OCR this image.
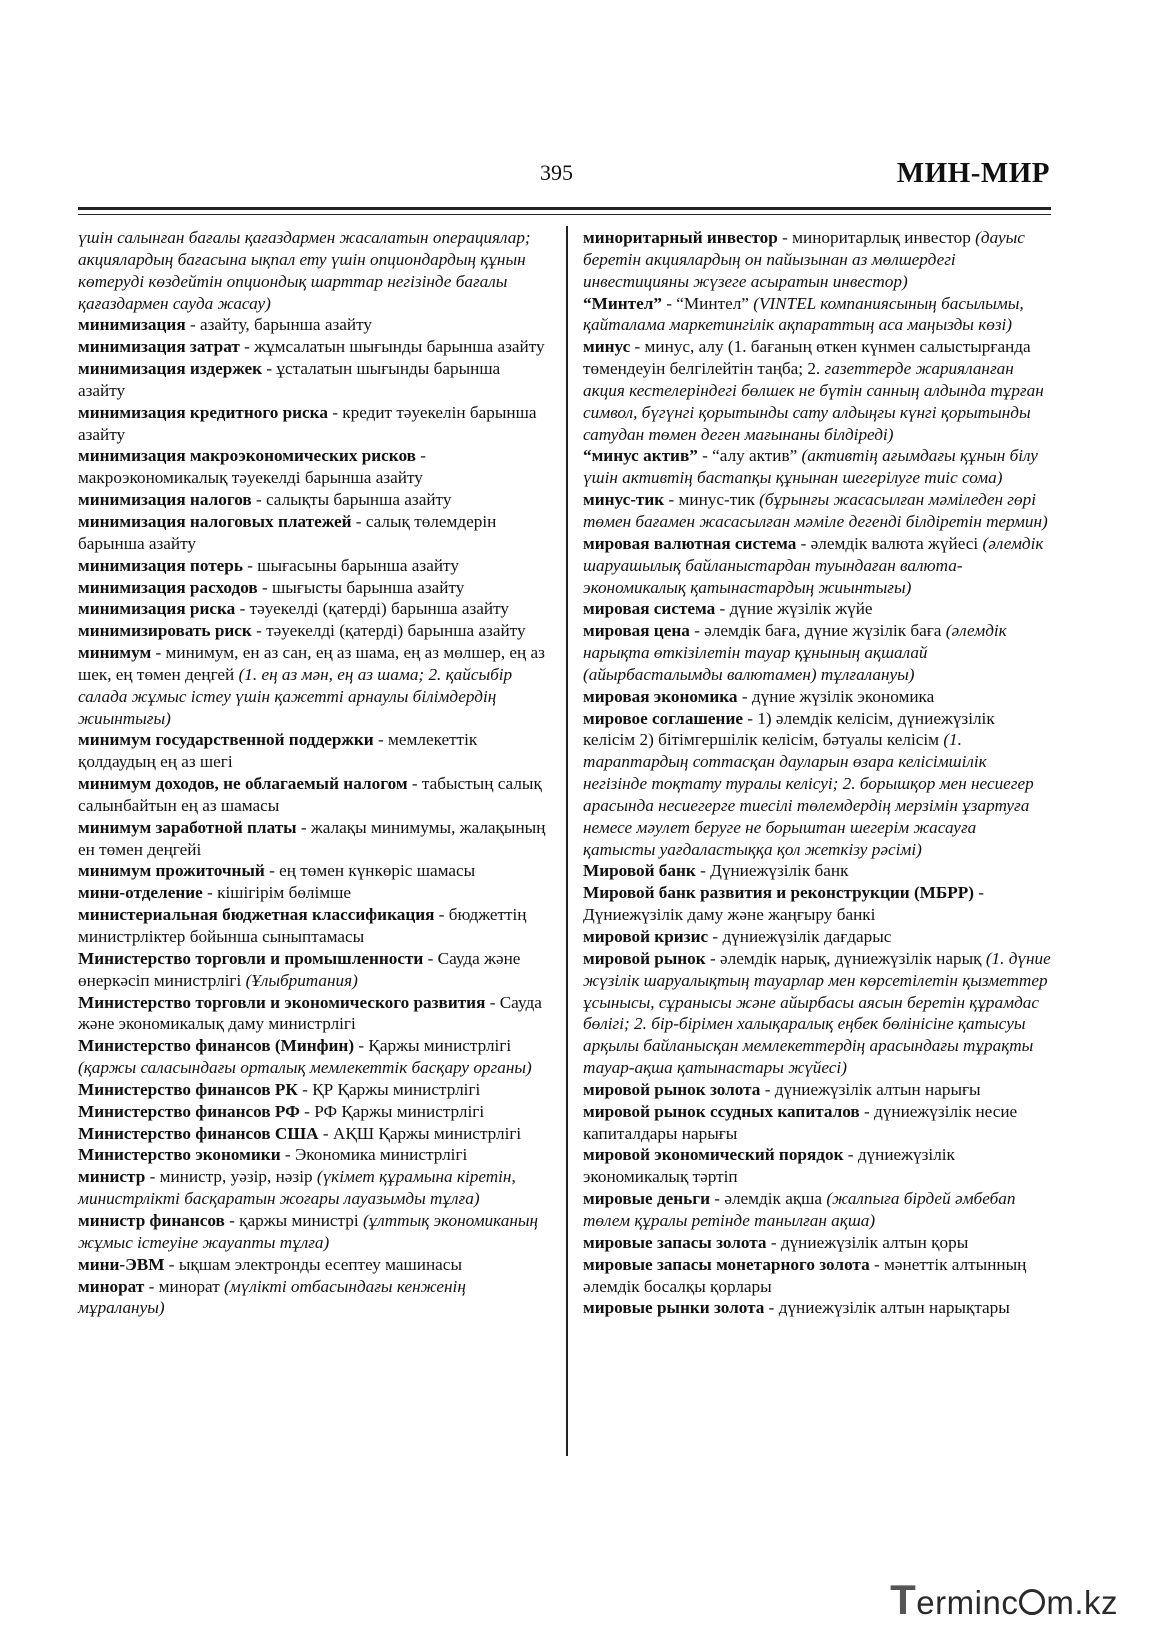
395	МИН-МИР
үшін салынған бағалы қағаздармен жасалатын операциялар; акциялардың бағасына ықпал ету үшін опциондардың құнын көтеруді көздейтін опциондық шарттар негізінде бағалы қағаздармен сауда жасау)
минимизация - азайту, барынша азайту
минимизация затрат - жұмсалатын шығынды барынша азайту
минимизация издержек - ұсталатын шығынды барынша азайту
минимизация кредитного риска - кредит тәуекелін барынша азайту
минимизация макроэкономических рисков - макроэкономикалық тәуекелді барынша азайту
минимизация налогов - салықты барынша азайту
минимизация налоговых платежей - салық төлемдерін барынша азайту
минимизация потерь - шығасыны барынша азайту
минимизация расходов - шығысты барынша азайту
минимизация риска - тәуекелді (қатерді) барынша азайту
минимизировать риск - тәуекелді (қатерді) барынша азайту
минимум - минимум, ен аз сан, ең аз шама, ең аз мөлшер, ең аз шек, ең төмен деңгей (1. ең аз мән, ең аз шама; 2. қайсыбір салада жұмыс істеу үшін қажетті арнаулы білімдердің жиынтығы)
минимум государственной поддержки - мемлекеттік қолдаудың ең аз шегі
минимум доходов, не облагаемый налогом - табыстың салық салынбайтын ең аз шамасы
минимум заработной платы - жалақы минимумы, жалақының ен төмен деңгейі
минимум прожиточный - ең төмен күнкөріс шамасы
мини-отделение - кішігірім бөлімше
министериальная бюджетная классификация - бюджеттің министрліктер бойынша сыныптамасы
Министерство торговли и промышленности - Сауда және өнеркәсіп министрлігі (Ұлыбритания)
Министерство торговли и экономического развития - Сауда және экономикалық даму министрлігі
Министерство финансов (Минфин) - Қаржы министрлігі (қаржы саласындағы орталық мемлекеттік басқару органы)
Министерство финансов РК - ҚР Қаржы министрлігі
Министерство финансов РФ - РФ Қаржы министрлігі
Министерство финансов США - АҚШ Қаржы министрлігі
Министерство экономики - Экономика министрлігі
министр - министр, уәзір, нәзір (үкімет құрамына кіретін, министрлікті басқаратын жоғары лауазымды тұлға)
министр финансов - қаржы министрі (ұлттық экономиканың жұмыс істеуіне жауапты тұлға)
мини-ЭВМ - ықшам электронды есептеу машинасы
минорат - минорат (мүлікті отбасындағы кенженің мұралануы)
миноритарный инвестор - миноритарлық инвестор (дауыс беретін акциялардың он пайызынан аз мөлшердегі инвестицияны жүзеге асыратын инвестор)
“Минтел” - “Минтел” (VINTEL компаниясының басылымы, қайталама маркетингілік ақпараттың аса маңызды көзі)
минус - минус, алу (1. бағаның өткен күнмен салыстырғанда төмендеуін белгілейтін таңба; 2. газеттерде жарияланған акция кестелеріндегі бөлшек не бүтін санның алдында тұрған символ, бүгүнгі қорытынды сату алдыңғы күнгі қорытынды сатудан төмен деген мағынаны білдіреді)
“минус актив” - “алу актив” (активтің ағымдағы құнын білу үшін активтің бастапқы құнынан шегерілуге тиіс сома)
минус-тик - минус-тик (бұрынғы жасасылған мәміледен гөрі төмен бағамен жасасылған мәміле дегенді білдіретін термин)
мировая валютная система - әлемдік валюта жүйесі (әлемдік шаруашылық байланыстардан туындаған валюта-экономикалық қатынастардың жиынтығы)
мировая система - дүние жүзілік жүйе
мировая цена - әлемдік баға, дүние жүзілік баға (әлемдік нарықта өткізілетін тауар құнының ақшалай (айырбасталымды валютамен) тұлғалануы)
мировая экономика - дүние жүзілік экономика
мировое соглашение - 1) әлемдік келісім, дүниежүзілік келісім 2) бітімгершілік келісім, бәтуалы келісім (1. тараптардың соттасқан дауларын өзара келісімшілік негізінде тоқтату туралы келісуі; 2. борышқор мен несиегер арасында несиегерге тиесілі төлемдердің мерзімін ұзартуға немесе мәулет беруге не борыштан шегерім жасауға қатысты уағдаластыққа қол жеткізу рәсімі)
Мировой банк - Дүниежүзілік банк
Мировой банк развития и реконструкции (МБРР) - Дүниежүзілік даму және жаңғыру банкі
мировой кризис - дүниежүзілік дағдарыс
мировой рынок - әлемдік нарық, дүниежүзілік нарық (1. дүние жүзілік шаруалықтың тауарлар мен көрсетілетін қызметтер ұсынысы, сұранысы және айырбасы аясын беретін құрамдас бөлігі; 2. бір-бірімен халықаралық еңбек бөлінісіне қатысуы арқылы байланысқан мемлекеттердің арасындағы тұрақты тауар-ақша қатынастары жүйесі)
мировой рынок золота - дүниежүзілік алтын нарығы
мировой рынок ссудных капиталов - дүниежүзілік несие капиталдары нарығы
мировой экономический порядок - дүниежүзілік экономикалық тәртіп
мировые деньги - әлемдік ақша (жалпыға бірдей әмбебап төлем құралы ретінде танылған ақша)
мировые запасы золота - дүниежүзілік алтын қоры
мировые запасы монетарного золота - мәнеттік алтынның әлемдік босалқы қорлары
мировые рынки золота - дүниежүзілік алтын нарықтары
Terminc m.kz
